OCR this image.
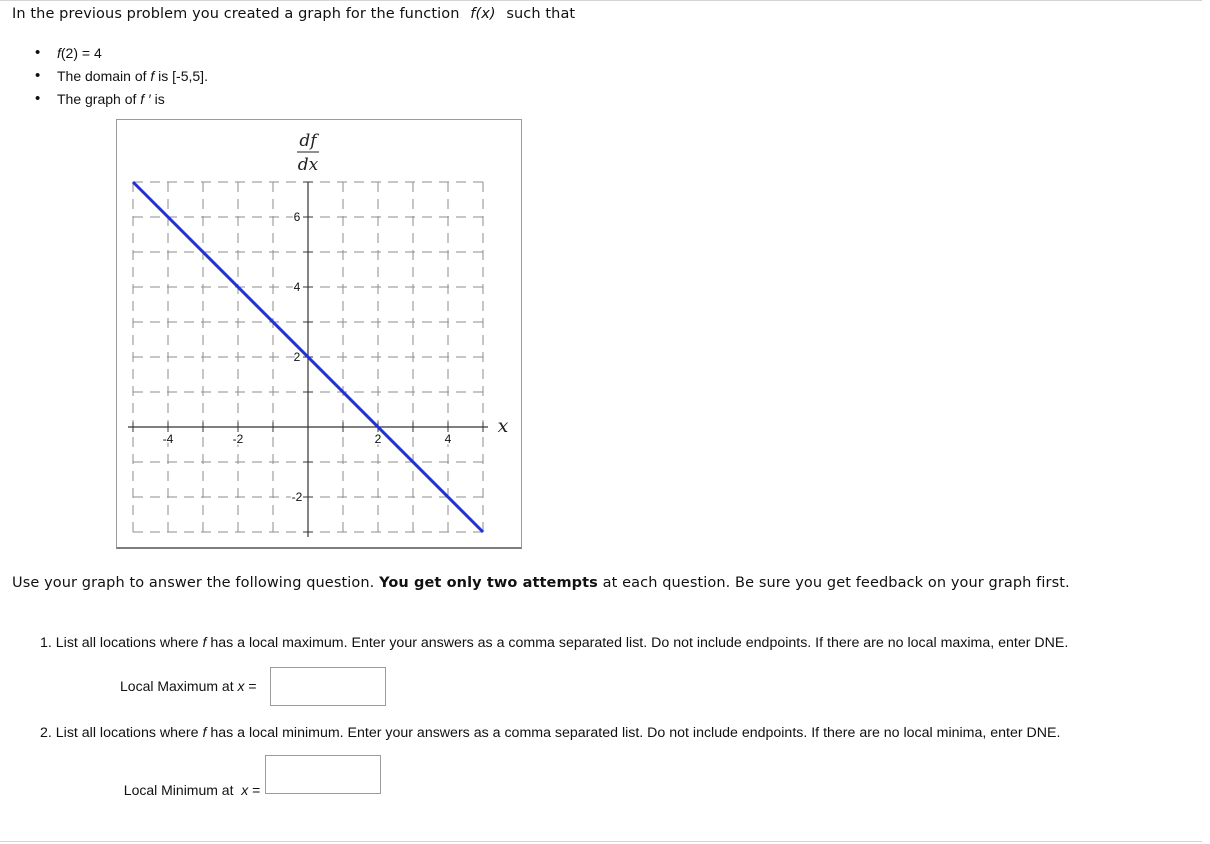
In the previous problem you created a graph for the function f(x) such that
• f(2) = 4
• The domain of f is [-5,5].
• The graph of f ′ is
-4	-2	2	4
6
4
2
-2
df
dx
x
Use your graph to answer the following question. You get only two attempts at each question. Be sure you get feedback on your graph first.
1. List all locations where f has a local maximum. Enter your answers as a comma separated list. Do not include endpoints. If there are no local maxima, enter DNE.
Local Maximum at x =
2. List all locations where f has a local minimum. Enter your answers as a comma separated list. Do not include endpoints. If there are no local minima, enter DNE.

Local Minimum at  x =
